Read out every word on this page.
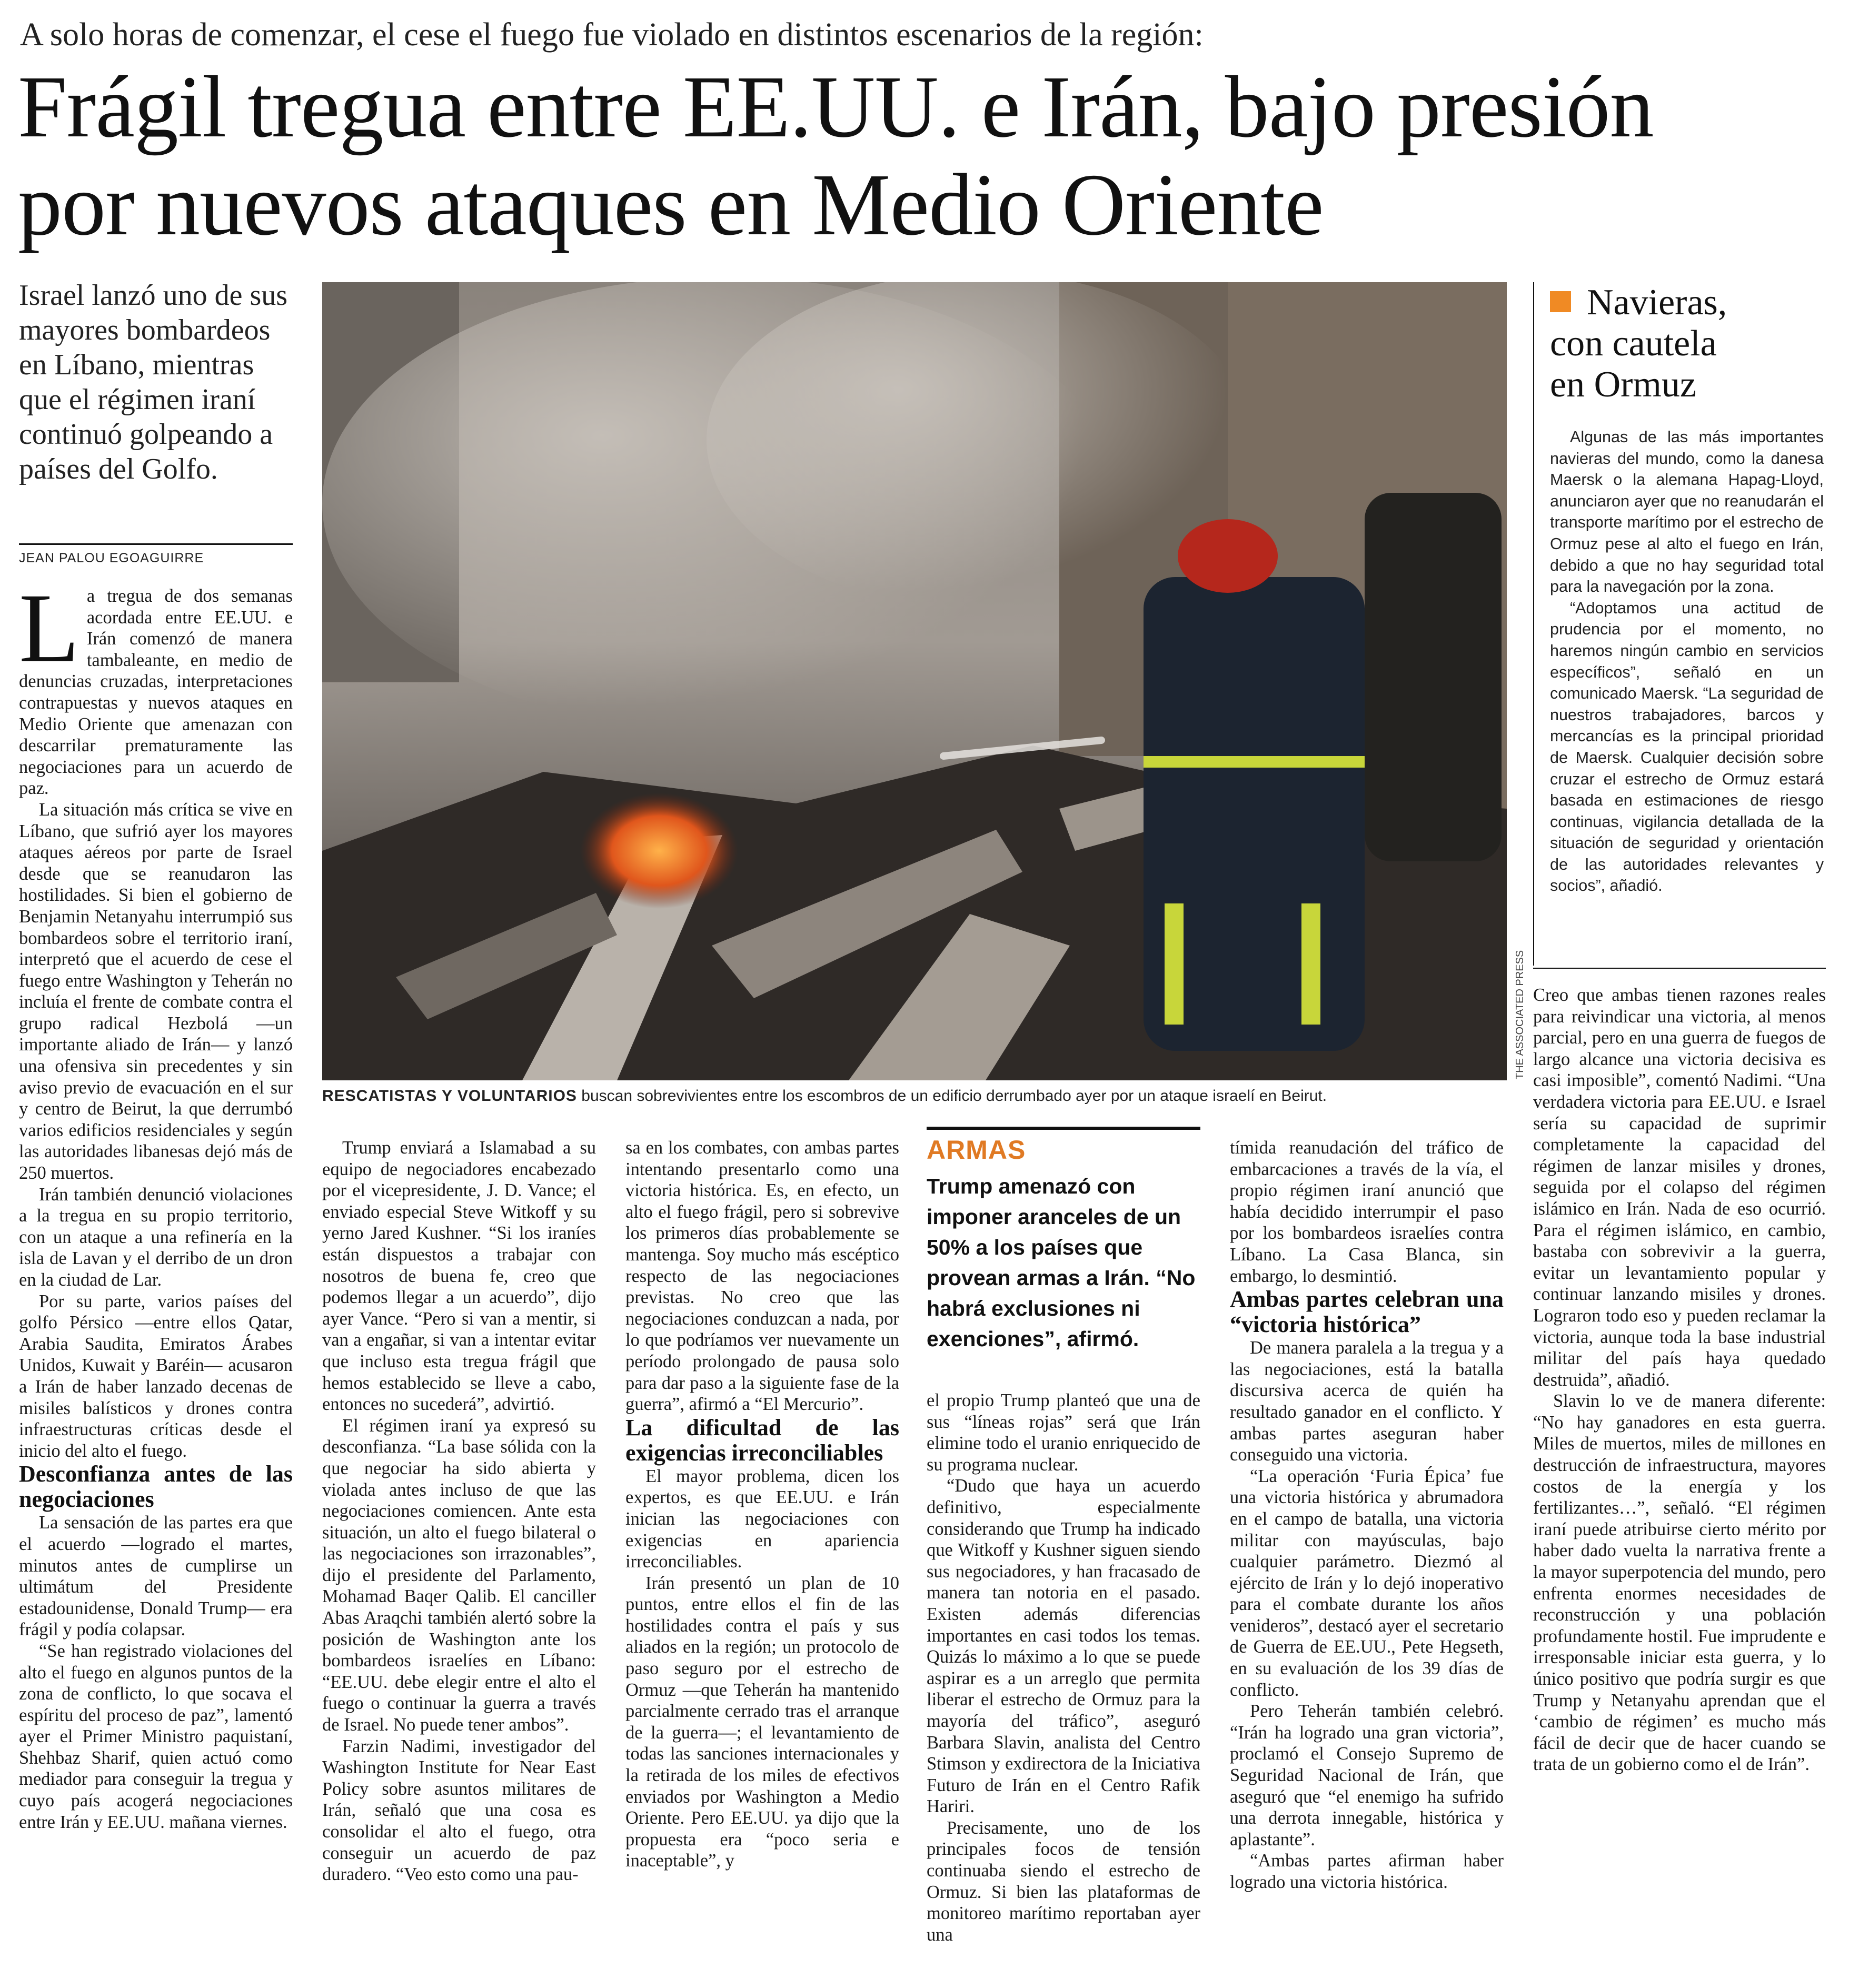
A solo horas de comenzar, el cese el fuego fue violado en distintos escenarios de la región:
Frágil tregua entre EE.UU. e Irán, bajo presión
por nuevos ataques en Medio Oriente
Israel lanzó uno de sus mayores bombardeos en Líbano, mientras que el régimen iraní continuó golpeando a países del Golfo.
JEAN PALOU EGOAGUIRRE
THE ASSOCIATED PRESS
RESCATISTAS Y VOLUNTARIOS buscan sobrevivientes entre los escombros de un edificio derrumbado ayer por un ataque israelí en Beirut.

La tregua de dos semanas acordada entre EE.UU. e Irán comenzó de manera tambaleante, en medio de denuncias cruzadas, interpretaciones contrapuestas y nuevos ataques en Medio Oriente que amenazan con descarrilar prematuramente las negociaciones para un acuerdo de paz.

La situación más crítica se vive en Líbano, que sufrió ayer los mayores ataques aéreos por parte de Israel desde que se reanudaron las hostilidades. Si bien el gobierno de Benjamin Netanyahu interrumpió sus bombardeos sobre el territorio iraní, interpretó que el acuerdo de cese el fuego entre Washington y Teherán no incluía el frente de combate contra el grupo radical Hezbolá —un importante aliado de Irán— y lanzó una ofensiva sin precedentes y sin aviso previo de evacuación en el sur y centro de Beirut, la que derrumbó varios edificios residenciales y según las autoridades libanesas dejó más de 250 muertos.

Irán también denunció violaciones a la tregua en su propio territorio, con un ataque a una refinería en la isla de Lavan y el derribo de un dron en la ciudad de Lar.

Por su parte, varios países del golfo Pérsico —entre ellos Qatar, Arabia Saudita, Emiratos Árabes Unidos, Kuwait y Baréin— acusaron a Irán de haber lanzado decenas de misiles balísticos y drones contra infraestructuras críticas desde el inicio del alto el fuego.

Desconfianza antes de las negociaciones

La sensación de las partes era que el acuerdo —logrado el martes, minutos antes de cumplirse un ultimátum del Presidente estadounidense, Donald Trump— era frágil y podía colapsar.

“Se han registrado violaciones del alto el fuego en algunos puntos de la zona de conflicto, lo que socava el espíritu del proceso de paz”, lamentó ayer el Primer Ministro paquistaní, Shehbaz Sharif, quien actuó como mediador para conseguir la tregua y cuyo país acogerá negociaciones entre Irán y EE.UU. mañana viernes.

Trump enviará a Islamabad a su equipo de negociadores encabezado por el vicepresidente, J. D. Vance; el enviado especial Steve Witkoff y su yerno Jared Kushner. “Si los iraníes están dispuestos a trabajar con nosotros de buena fe, creo que podemos llegar a un acuerdo”, dijo ayer Vance. “Pero si van a mentir, si van a engañar, si van a intentar evitar que incluso esta tregua frágil que hemos establecido se lleve a cabo, entonces no sucederá”, advirtió.

El régimen iraní ya expresó su desconfianza. “La base sólida con la que negociar ha sido abierta y violada antes incluso de que las negociaciones comiencen. Ante esta situación, un alto el fuego bilateral o las negociaciones son irrazonables”, dijo el presidente del Parlamento, Mohamad Baqer Qalib. El canciller Abas Araqchi también alertó sobre la posición de Washington ante los bombardeos israelíes en Líbano: “EE.UU. debe elegir entre el alto el fuego o continuar la guerra a través de Israel. No puede tener ambos”.

Farzin Nadimi, investigador del Washington Institute for Near East Policy sobre asuntos militares de Irán, señaló que una cosa es consolidar el alto el fuego, otra conseguir un acuerdo de paz duradero. “Veo esto como una pau-

sa en los combates, con ambas partes intentando presentarlo como una victoria histórica. Es, en efecto, un alto el fuego frágil, pero si sobrevive los primeros días probablemente se mantenga. Soy mucho más escéptico respecto de las negociaciones previstas. No creo que las negociaciones conduzcan a nada, por lo que podríamos ver nuevamente un período prolongado de pausa solo para dar paso a la siguiente fase de la guerra”, afirmó a “El Mercurio”.

La dificultad de las exigencias irreconciliables

El mayor problema, dicen los expertos, es que EE.UU. e Irán inician las negociaciones con exigencias en apariencia irreconciliables.

Irán presentó un plan de 10 puntos, entre ellos el fin de las hostilidades contra el país y sus aliados en la región; un protocolo de paso seguro por el estrecho de Ormuz —que Teherán ha mantenido parcialmente cerrado tras el arranque de la guerra—; el levantamiento de todas las sanciones internacionales y la retirada de los miles de efectivos enviados por Washington a Medio Oriente. Pero EE.UU. ya dijo que la propuesta era “poco seria e inaceptable”, y

ARMAS
Trump amenazó con imponer aranceles de un 50% a los países que provean armas a Irán. “No habrá exclusiones ni exenciones”, afirmó.

el propio Trump planteó que una de sus “líneas rojas” será que Irán elimine todo el uranio enriquecido de su programa nuclear.

“Dudo que haya un acuerdo definitivo, especialmente considerando que Trump ha indicado que Witkoff y Kushner siguen siendo sus negociadores, y han fracasado de manera tan notoria en el pasado. Existen además diferencias importantes en casi todos los temas. Quizás lo máximo a lo que se puede aspirar es a un arreglo que permita liberar el estrecho de Ormuz para la mayoría del tráfico”, aseguró Barbara Slavin, analista del Centro Stimson y exdirectora de la Iniciativa Futuro de Irán en el Centro Rafik Hariri.

Precisamente, uno de los principales focos de tensión continuaba siendo el estrecho de Ormuz. Si bien las plataformas de monitoreo marítimo reportaban ayer una

tímida reanudación del tráfico de embarcaciones a través de la vía, el propio régimen iraní anunció que había decidido interrumpir el paso por los bombardeos israelíes contra Líbano. La Casa Blanca, sin embargo, lo desmintió.

Ambas partes celebran una “victoria histórica”

De manera paralela a la tregua y a las negociaciones, está la batalla discursiva acerca de quién ha resultado ganador en el conflicto. Y ambas partes aseguran haber conseguido una victoria.

“La operación ‘Furia Épica’ fue una victoria histórica y abrumadora en el campo de batalla, una victoria militar con mayúsculas, bajo cualquier parámetro. Diezmó al ejército de Irán y lo dejó inoperativo para el combate durante los años venideros”, destacó ayer el secretario de Guerra de EE.UU., Pete Hegseth, en su evaluación de los 39 días de conflicto.

Pero Teherán también celebró. “Irán ha logrado una gran victoria”, proclamó el Consejo Supremo de Seguridad Nacional de Irán, que aseguró que “el enemigo ha sufrido una derrota innegable, histórica y aplastante”.

“Ambas partes afirman haber logrado una victoria histórica.

Navieras,
con cautela
en Ormuz

Algunas de las más importantes navieras del mundo, como la danesa Maersk o la alemana Hapag-Lloyd, anunciaron ayer que no reanudarán el transporte marítimo por el estrecho de Ormuz pese al alto el fuego en Irán, debido a que no hay seguridad total para la navegación por la zona.

“Adoptamos una actitud de prudencia por el momento, no haremos ningún cambio en servicios específicos”, señaló en un comunicado Maersk. “La seguridad de nuestros trabajadores, barcos y mercancías es la principal prioridad de Maersk. Cualquier decisión sobre cruzar el estrecho de Ormuz estará basada en estimaciones de riesgo continuas, vigilancia detallada de la situación de seguridad y orientación de las autoridades relevantes y socios”, añadió.

Creo que ambas tienen razones reales para reivindicar una victoria, al menos parcial, pero en una guerra de fuegos de largo alcance una victoria decisiva es casi imposible”, comentó Nadimi. “Una verdadera victoria para EE.UU. e Israel sería su capacidad de suprimir completamente la capacidad del régimen de lanzar misiles y drones, seguida por el colapso del régimen islámico en Irán. Nada de eso ocurrió. Para el régimen islámico, en cambio, bastaba con sobrevivir a la guerra, evitar un levantamiento popular y continuar lanzando misiles y drones. Lograron todo eso y pueden reclamar la victoria, aunque toda la base industrial militar del país haya quedado destruida”, añadió.

Slavin lo ve de manera diferente: “No hay ganadores en esta guerra. Miles de muertos, miles de millones en destrucción de infraestructura, mayores costos de la energía y los fertilizantes…”, señaló. “El régimen iraní puede atribuirse cierto mérito por haber dado vuelta la narrativa frente a la mayor superpotencia del mundo, pero enfrenta enormes necesidades de reconstrucción y una población profundamente hostil. Fue imprudente e irresponsable iniciar esta guerra, y lo único positivo que podría surgir es que Trump y Netanyahu aprendan que el ‘cambio de régimen’ es mucho más fácil de decir que de hacer cuando se trata de un gobierno como el de Irán”.
